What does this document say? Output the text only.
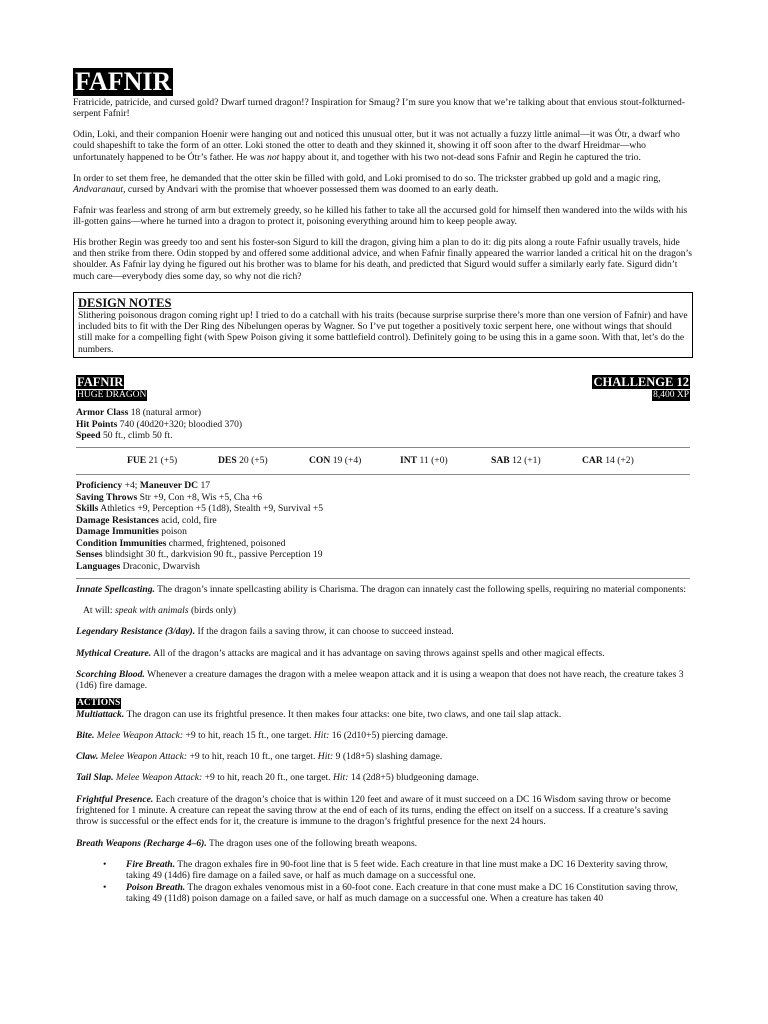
FAFNIR

Fratricide, patricide, and cursed gold? Dwarf turned dragon!? Inspiration for Smaug? I’m sure you know that we’re talking about that envious stout-folkturned- serpent Fafnir!

Odin, Loki, and their companion Hoenir were hanging out and noticed this unusual otter, but it was not actually a fuzzy little animal—it was Ótr, a dwarf who could shapeshift to take the form of an otter. Loki stoned the otter to death and they skinned it, showing it off soon after to the dwarf Hreidmar—who unfortunately happened to be Ótr’s father. He was not happy about it, and together with his two not-dead sons Fafnir and Regin he captured the trio.

In order to set them free, he demanded that the otter skin be filled with gold, and Loki promised to do so. The trickster grabbed up gold and a magic ring, Andvaranaut, cursed by Andvari with the promise that whoever possessed them was doomed to an early death.

Fafnir was fearless and strong of arm but extremely greedy, so he killed his father to take all the accursed gold for himself then wandered into the wilds with his ill-gotten gains—where he turned into a dragon to protect it, poisoning everything around him to keep people away.

His brother Regin was greedy too and sent his foster-son Sigurd to kill the dragon, giving him a plan to do it: dig pits along a route Fafnir usually travels, hide and then strike from there. Odin stopped by and offered some additional advice, and when Fafnir finally appeared the warrior landed a critical hit on the dragon’s shoulder. As Fafnir lay dying he figured out his brother was to blame for his death, and predicted that Sigurd would suffer a similarly early fate. Sigurd didn’t much care—everybody dies some day, so why not die rich?

DESIGN NOTES

Slithering poisonous dragon coming right up! I tried to do a catchall with his traits (because surprise surprise there’s more than one version of Fafnir) and have included bits to fit with the Der Ring des Nibelungen operas by Wagner. So I’ve put together a positively toxic serpent here, one without wings that should still make for a compelling fight (with Spew Poison giving it some battlefield control). Definitely going to be using this in a game soon. With that, let’s do the numbers.

FAFNIR
HUGE DRAGON
CHALLENGE 12
8,400 XP
Armor Class 18 (natural armor)
Hit Points 740 (40d20+320; bloodied 370)
Speed 50 ft., climb 50 ft.
FUE 21 (+5)	DES 20 (+5)	CON 19 (+4)	INT 11 (+0)	SAB 12 (+1)	CAR 14 (+2)
Proficiency +4; Maneuver DC 17
Saving Throws Str +9, Con +8, Wis +5, Cha +6
Skills Athletics +9, Perception +5 (1d8), Stealth +9, Survival +5
Damage Resistances acid, cold, fire
Damage Immunities poison
Condition Immunities charmed, frightened, poisoned
Senses blindsight 30 ft., darkvision 90 ft., passive Perception 19
Languages Draconic, Dwarvish

Innate Spellcasting. The dragon’s innate spellcasting ability is Charisma. The dragon can innately cast the following spells, requiring no material components:

At will: speak with animals (birds only)

Legendary Resistance (3/day). If the dragon fails a saving throw, it can choose to succeed instead.

Mythical Creature. All of the dragon’s attacks are magical and it has advantage on saving throws against spells and other magical effects.

Scorching Blood. Whenever a creature damages the dragon with a melee weapon attack and it is using a weapon that does not have reach, the creature takes 3 (1d6) fire damage.

ACTIONS

Multiattack. The dragon can use its frightful presence. It then makes four attacks: one bite, two claws, and one tail slap attack.

Bite. Melee Weapon Attack: +9 to hit, reach 15 ft., one target. Hit: 16 (2d10+5) piercing damage.

Claw. Melee Weapon Attack: +9 to hit, reach 10 ft., one target. Hit: 9 (1d8+5) slashing damage.

Tail Slap. Melee Weapon Attack: +9 to hit, reach 20 ft., one target. Hit: 14 (2d8+5) bludgeoning damage.

Frightful Presence. Each creature of the dragon’s choice that is within 120 feet and aware of it must succeed on a DC 16 Wisdom saving throw or become frightened for 1 minute. A creature can repeat the saving throw at the end of each of its turns, ending the effect on itself on a success. If a creature’s saving throw is successful or the effect ends for it, the creature is immune to the dragon’s frightful presence for the next 24 hours.

Breath Weapons (Recharge 4–6). The dragon uses one of the following breath weapons.

• Fire Breath. The dragon exhales fire in 90-foot line that is 5 feet wide. Each creature in that line must make a DC 16 Dexterity saving throw, taking 49 (14d6) fire damage on a failed save, or half as much damage on a successful one.
• Poison Breath. The dragon exhales venomous mist in a 60-foot cone. Each creature in that cone must make a DC 16 Constitution saving throw, taking 49 (11d8) poison damage on a failed save, or half as much damage on a successful one. When a creature has taken 40
